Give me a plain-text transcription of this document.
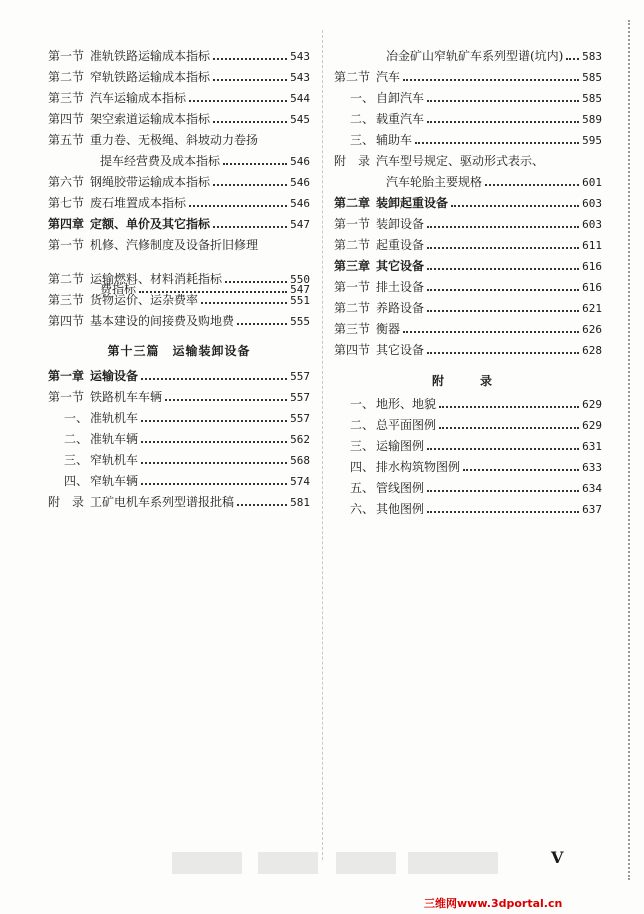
第一节 准轨铁路运输成本指标	543
第二节 窄轨铁路运输成本指标	543
第三节 汽车运输成本指标	544
第四节 架空索道运输成本指标	545
第五节 重力卷、无极绳、斜坡动力卷扬
提车经营费及成本指标	546
第六节 钢绳胶带运输成本指标	546
第七节 废石堆置成本指标	546
第四章 定额、单价及其它指标	547
第一节 机修、汽修制度及设备折旧修理
费指标	547
第二节 运输燃料、材料消耗指标	550
第三节 货物运价、运杂费率	551
第四节 基本建设的间接费及购地费	555
第十三篇　运输装卸设备
第一章 运输设备	557
第一节 铁路机车车辆	557
一、 准轨机车	557
二、 准轨车辆	562
三、 窄轨机车	568
四、 窄轨车辆	574
附　录 工矿电机车系列型谱报批稿	581
冶金矿山窄轨矿车系列型谱(坑内) 583
第二节 汽车	585
一、 自卸汽车	585
二、 载重汽车	589
三、 辅助车	595
附　录 汽车型号规定、驱动形式表示、
汽车轮胎主要规格	601
第二章 装卸起重设备	603
第一节 装卸设备	603
第二节 起重设备	611
第三章 其它设备	616
第一节 排土设备	616
第二节 养路设备	621
第三节 衡器	626
第四节 其它设备	628
附　录
一、 地形、地貌	629
二、 总平面图例	629
三、 运输图例	631
四、 排水构筑物图例	633
五、 管线图例	634
六、 其他图例	637
V
三维网www.3dportal.cn
